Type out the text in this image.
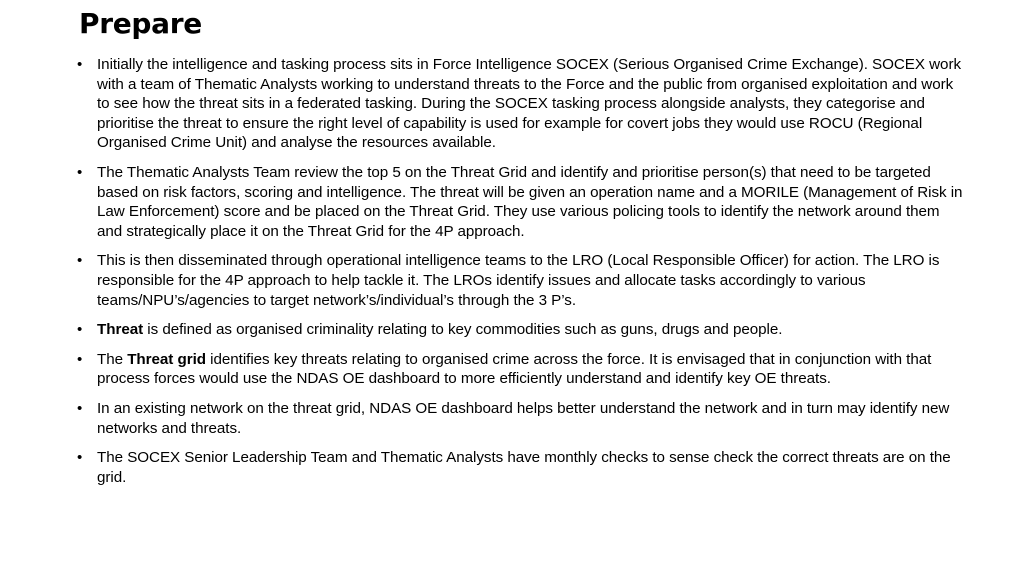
Prepare
• Initially the intelligence and tasking process sits in Force Intelligence SOCEX (Serious Organised Crime Exchange). SOCEX work with a team of Thematic Analysts working to understand threats to the Force and the public from organised exploitation and work to see how the threat sits in a federated tasking. During the SOCEX tasking process alongside analysts, they categorise and prioritise the threat to ensure the right level of capability is used for example for covert jobs they would use ROCU (Regional Organised Crime Unit) and analyse the resources available.
• The Thematic Analysts Team review the top 5 on the Threat Grid and identify and prioritise person(s) that need to be targeted based on risk factors, scoring and intelligence. The threat will be given an operation name and a MORILE (Management of Risk in Law Enforcement) score and be placed on the Threat Grid. They use various policing tools to identify the network around them and strategically place it on the Threat Grid for the 4P approach.
• This is then disseminated through operational intelligence teams to the LRO (Local Responsible Officer) for action. The LRO is responsible for the 4P approach to help tackle it. The LROs identify issues and allocate tasks accordingly to various teams/NPU’s/agencies to target network’s/individual’s through the 3 P’s.
• Threat is defined as organised criminality relating to key commodities such as guns, drugs and people.
• The Threat grid identifies key threats relating to organised crime across the force. It is envisaged that in conjunction with that process forces would use the NDAS OE dashboard to more efficiently understand and identify key OE threats.
• In an existing network on the threat grid, NDAS OE dashboard helps better understand the network and in turn may identify new networks and threats.
• The SOCEX Senior Leadership Team and Thematic Analysts have monthly checks to sense check the correct threats are on the grid.
